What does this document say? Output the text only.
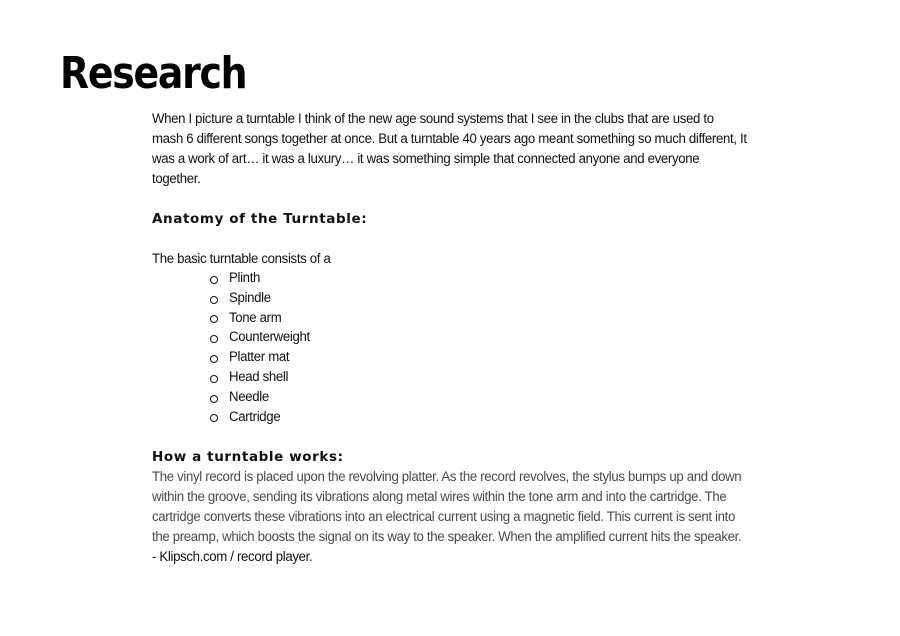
Research

When I picture a turntable I think of the new age sound systems that I see in the clubs that are used to mash 6 different songs together at once. But a turntable 40 years ago meant something so much different, It was a work of art… it was a luxury… it was something simple that connected anyone and everyone together.

Anatomy of the Turntable:

The basic turntable consists of a

Plinth
Spindle
Tone arm
Counterweight
Platter mat
Head shell
Needle
Cartridge
How a turntable works:

The vinyl record is placed upon the revolving platter. As the record revolves, the stylus bumps up and down within the groove, sending its vibrations along metal wires within the tone arm and into the cartridge. The cartridge converts these vibrations into an electrical current using a magnetic field. This current is sent into the preamp, which boosts the signal on its way to the speaker. When the amplified current hits the speaker.

- Klipsch.com / record player.
